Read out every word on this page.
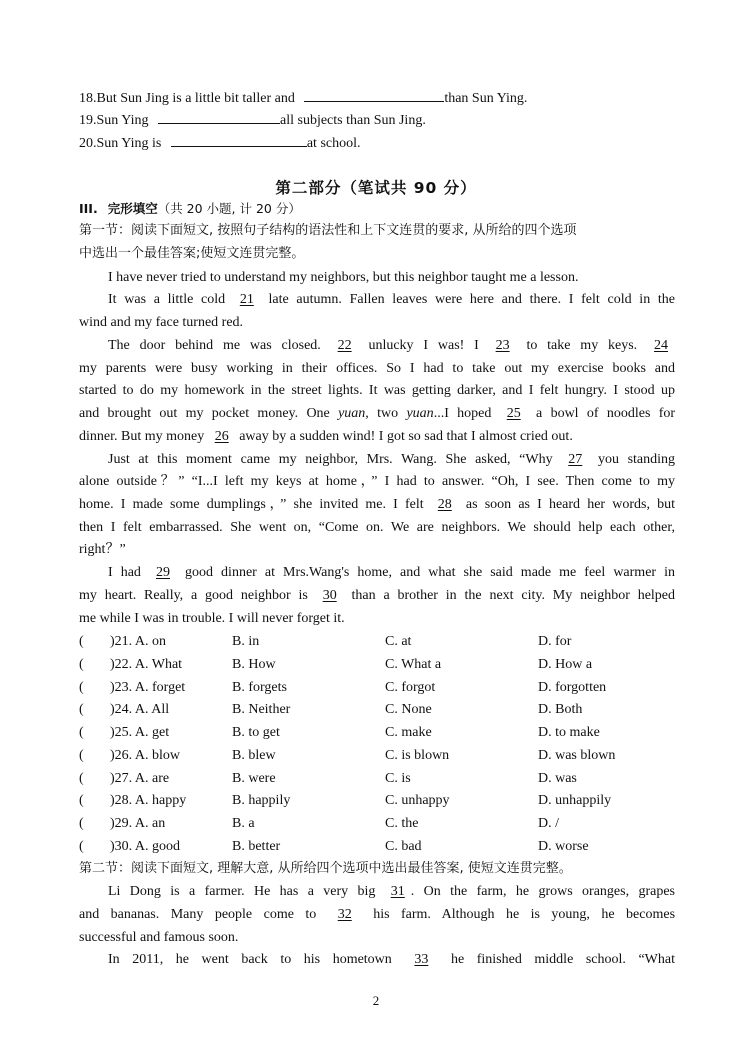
18.But Sun Jing is a little bit taller and	than Sun Ying.
19.Sun Ying	all subjects than Sun Jing.
20.Sun Ying is	at school.
第二部分（笔试共 90 分）
III. 完形填空（共 20 小题, 计 20 分）
第一节：阅读下面短文, 按照句子结构的语法性和上下文连贯的要求, 从所给的四个选项
中选出一个最佳答案;使短文连贯完整。
I have never tried to understand my neighbors, but this neighbor taught me a lesson.
It was a little cold 21 late autumn. Fallen leaves were here and there. I felt cold in the
wind and my face turned red.
The door behind me was closed. 22 unlucky I was! I 23 to take my keys. 24
my parents were busy working in their offices. So I had to take out my exercise books and
started to do my homework in the street lights. It was getting darker, and I felt hungry. I stood up
and brought out my pocket money. One yuan, two yuan...I hoped 25 a bowl of noodles for
dinner. But my money 26 away by a sudden wind! I got so sad that I almost cried out.
Just at this moment came my neighbor, Mrs. Wang. She asked, “Why 27 you standing
alone outside？” “I...I left my keys at home，” I had to answer. “Oh, I see. Then come to my
home. I made some dumplings，” she invited me. I felt 28 as soon as I heard her words, but
then I felt embarrassed. She went on, “Come on. We are neighbors. We should help each other,
right？”
I had 29 good dinner at Mrs.Wang's home, and what she said made me feel warmer in
my heart. Really, a good neighbor is 30 than a brother in the next city. My neighbor helped
me while I was in trouble. I will never forget it.
( )21. A. on	B. in	C. at	D. for
( )22. A. What	B. How	C. What a	D. How a
( )23. A. forget	B. forgets	C. forgot	D. forgotten
( )24. A. All	B. Neither	C. None	D. Both
( )25. A. get	B. to get	C. make	D. to make
( )26. A. blow	B. blew	C. is blown	D. was blown
( )27. A. are	B. were	C. is	D. was
( )28. A. happy	B. happily	C. unhappy	D. unhappily
( )29. A. an	B. a	C. the	D. /
( )30. A. good	B. better	C. bad	D. worse
第二节：阅读下面短文, 理解大意, 从所给四个选项中选出最佳答案, 使短文连贯完整。
Li Dong is a farmer. He has a very big 31 . On the farm, he grows oranges, grapes
and bananas. Many people come to 32 his farm. Although he is young, he becomes
successful and famous soon.
In 2011, he went back to his hometown 33 he finished middle school. “What
2
